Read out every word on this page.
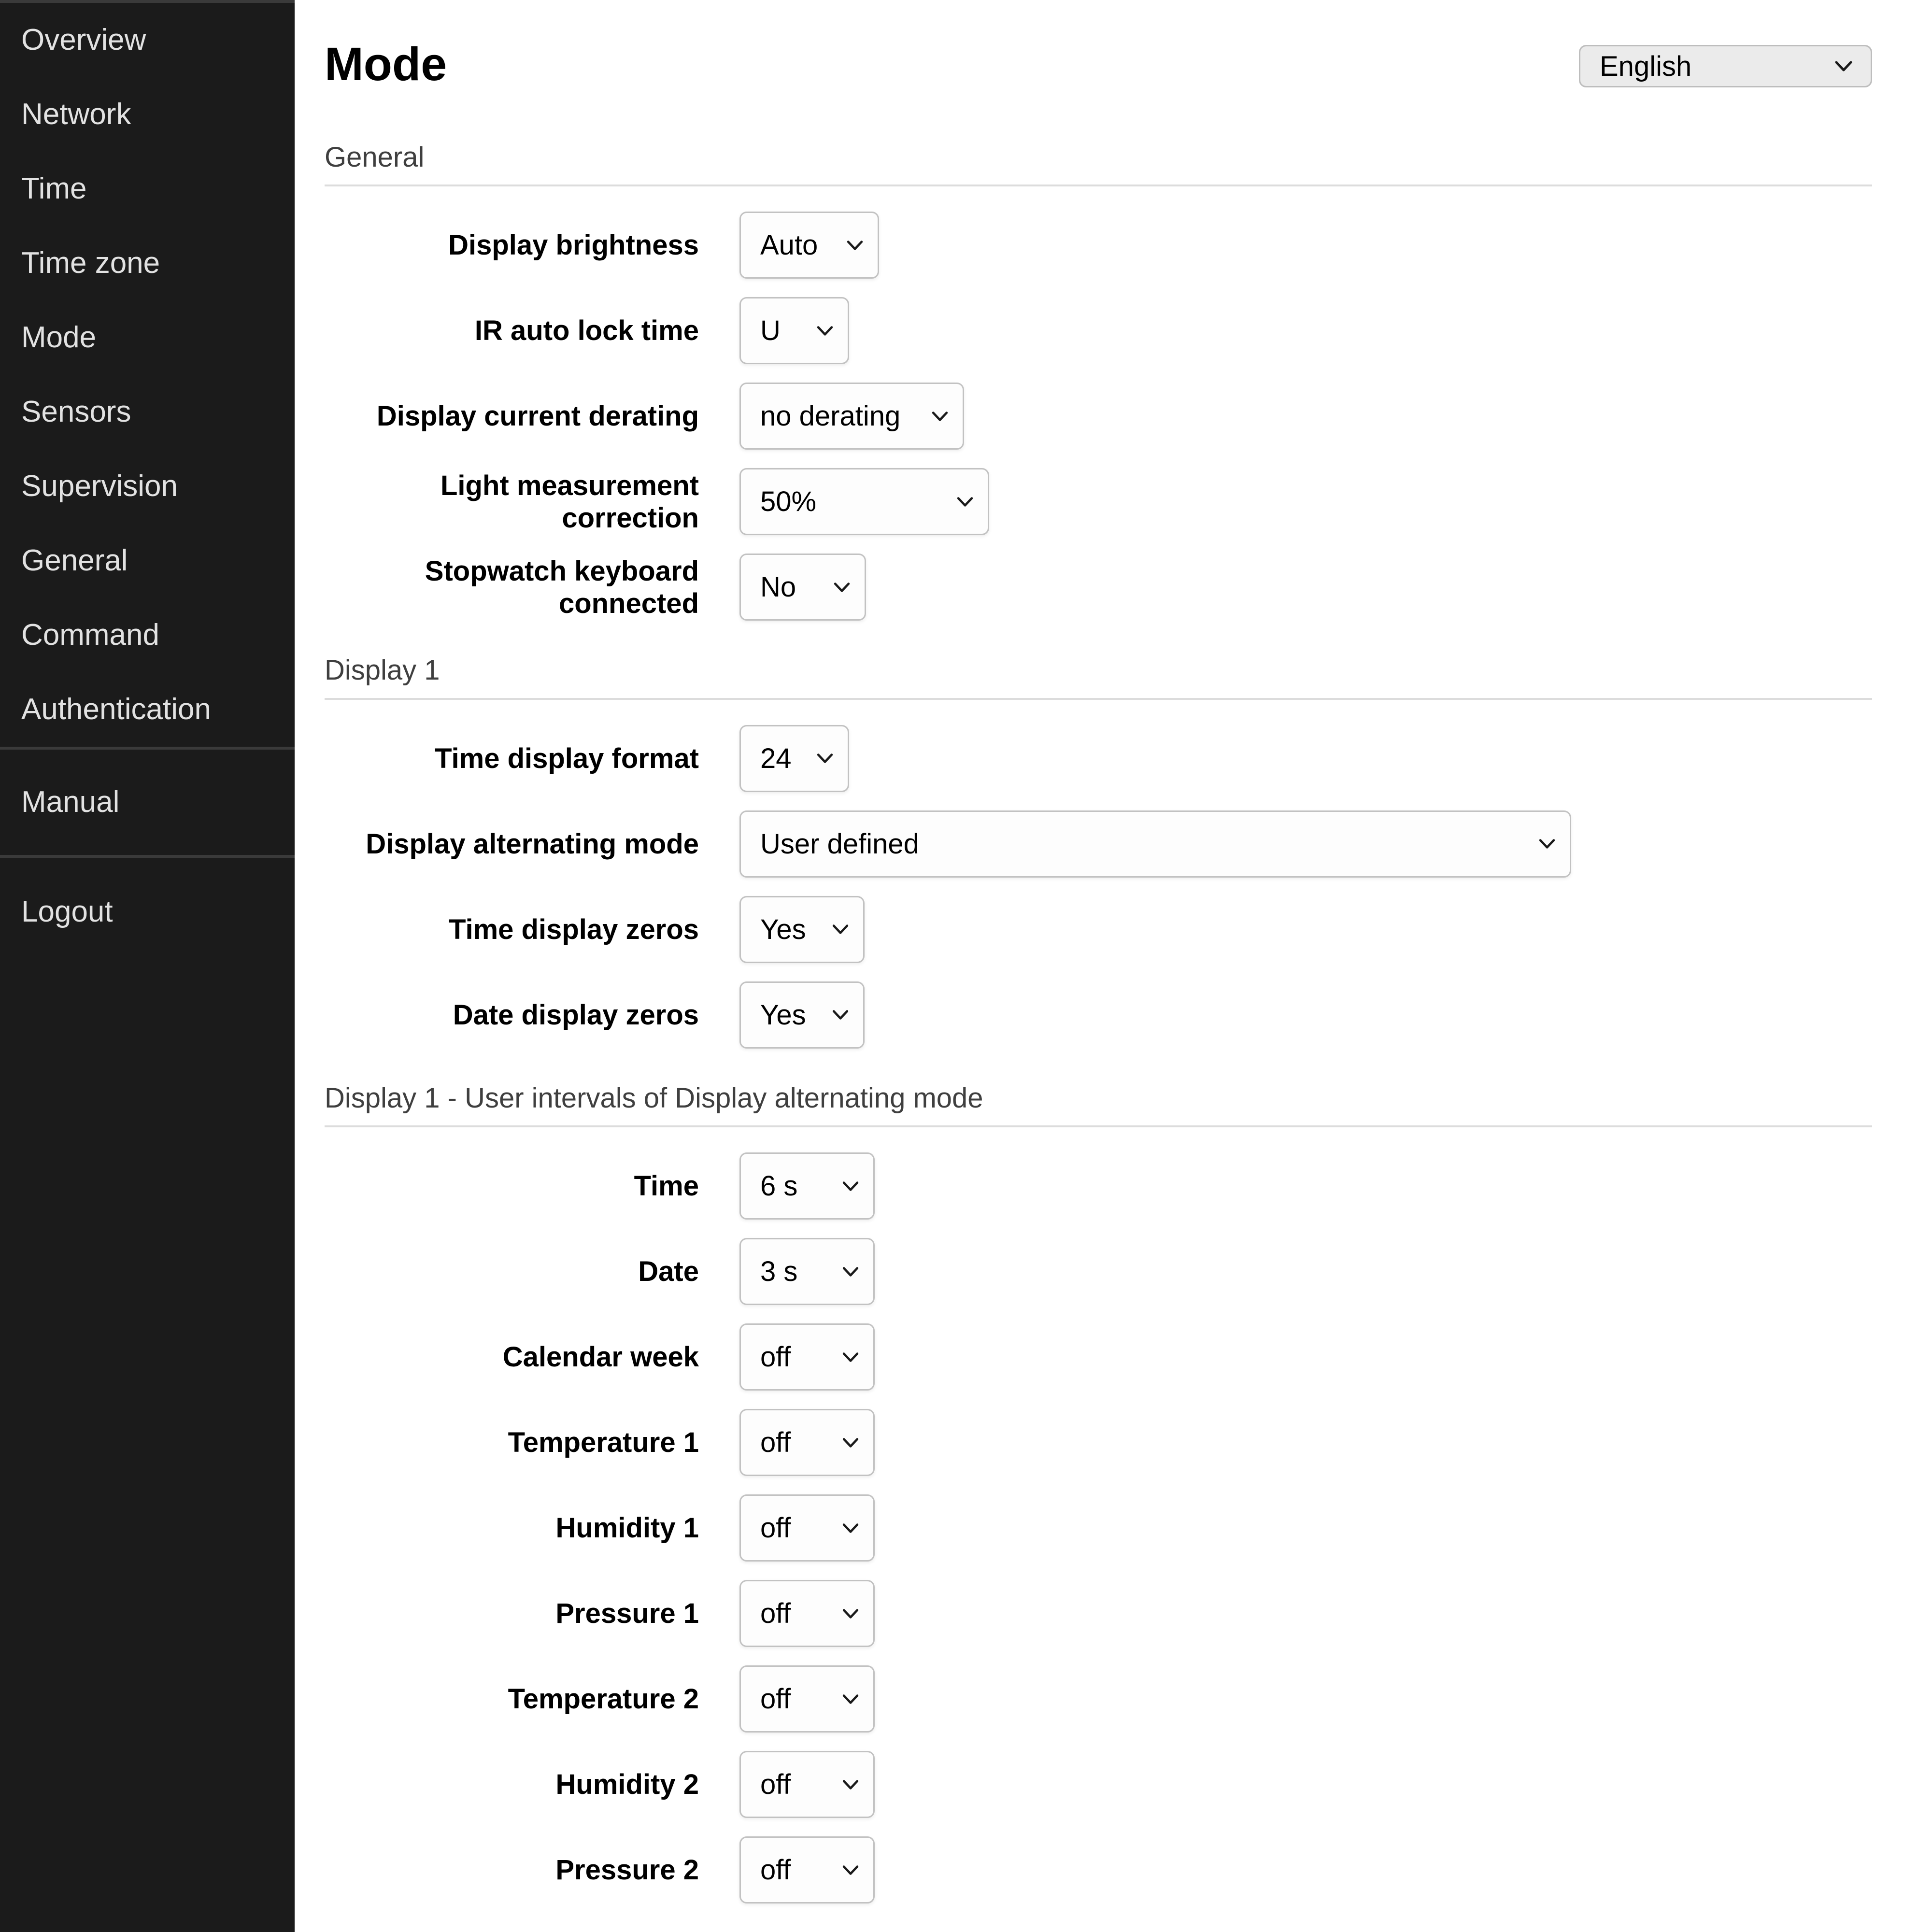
Overview
Network
Time
Time zone
Mode
Sensors
Supervision
General
Command
Authentication
Manual
Logout
English
Mode
General
Display brightness Auto
IR auto lock time U
Display current derating no derating
Light measurement correction
50%
Stopwatch keyboard connected
No
Display 1
Time display format 24
Display alternating mode User defined
Time display zeros Yes
Date display zeros Yes
Display 1 - User intervals of Display alternating mode
Time 6 s
Date 3 s
Calendar week off
Temperature 1 off
Humidity 1 off
Pressure 1 off
Temperature 2 off
Humidity 2 off
Pressure 2 off
